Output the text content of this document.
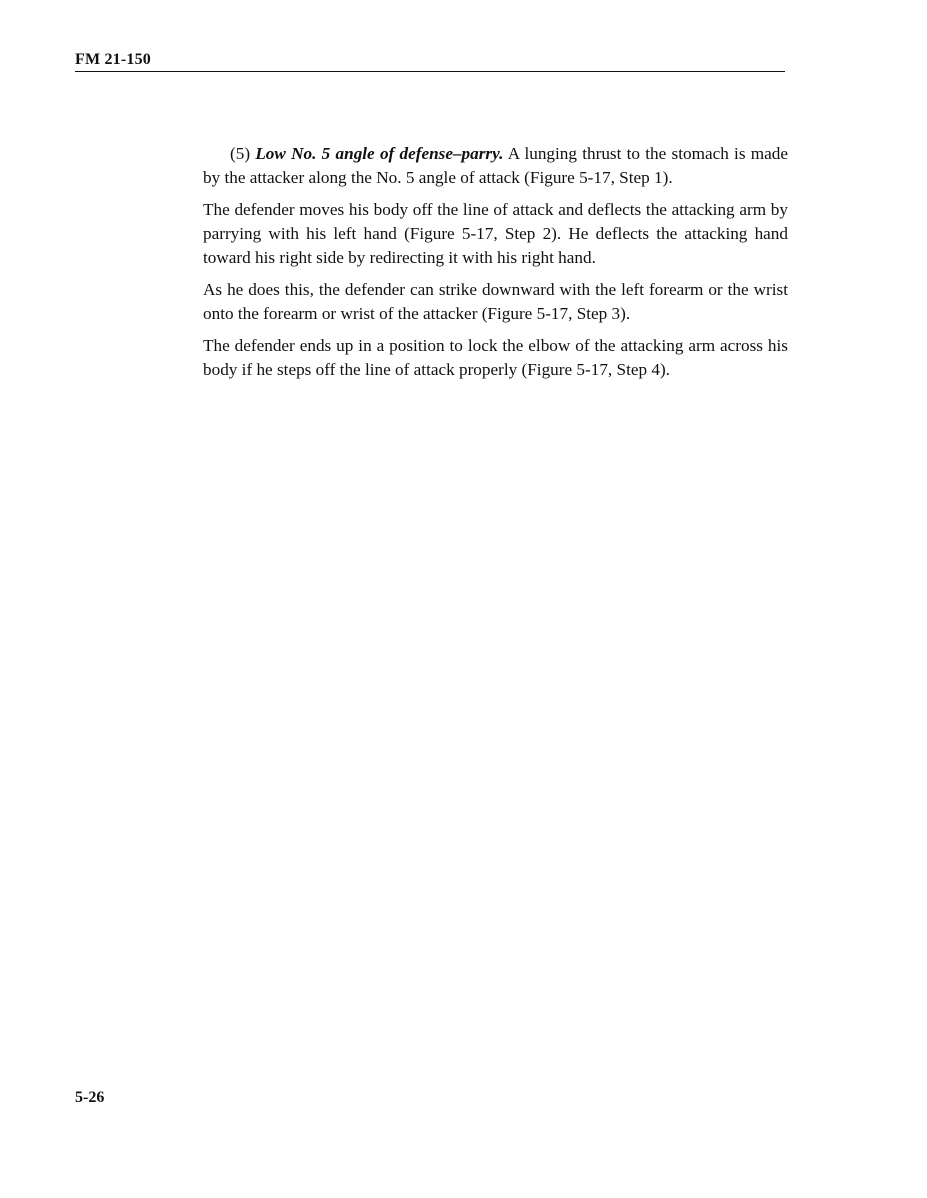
FM 21-150

(5) Low No. 5 angle of defense–parry. A lunging thrust to the stomach is made by the attacker along the No. 5 angle of attack (Figure 5-17, Step 1).

The defender moves his body off the line of attack and deflects the attacking arm by parrying with his left hand (Figure 5-17, Step 2). He deflects the attacking hand toward his right side by redirecting it with his right hand.

As he does this, the defender can strike downward with the left forearm or the wrist onto the forearm or wrist of the attacker (Figure 5-17, Step 3).

The defender ends up in a position to lock the elbow of the attacking arm across his body if he steps off the line of attack properly (Figure 5-17, Step 4).

5-26
